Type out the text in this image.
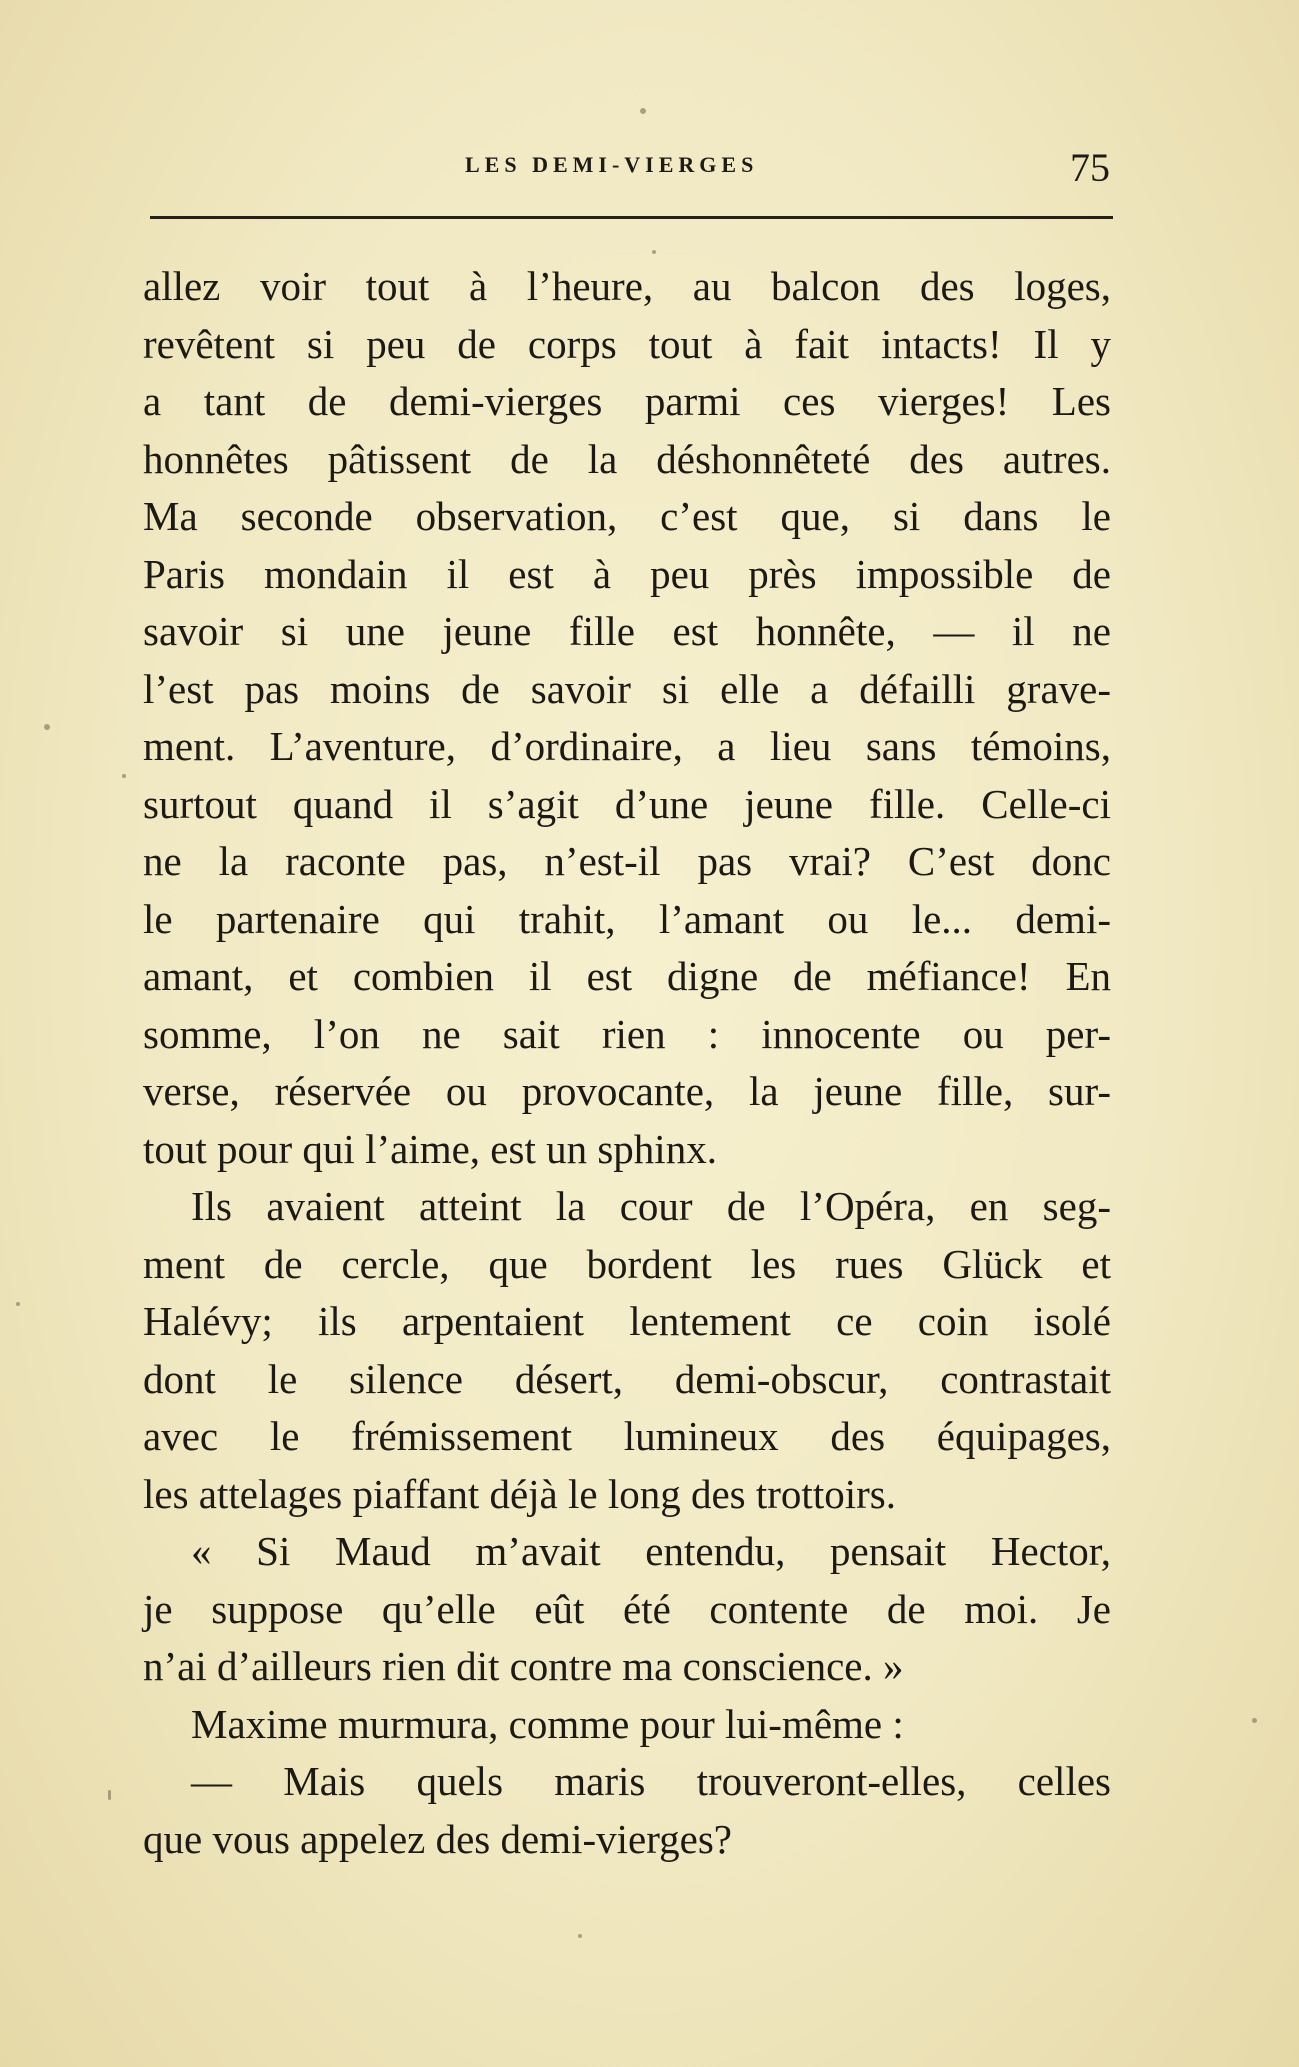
LES DEMI-VIERGES	75
allez voir tout à l’heure, au balcon des loges,
revêtent si peu de corps tout à fait intacts! Il y
a tant de demi-vierges parmi ces vierges! Les
honnêtes pâtissent de la déshonnêteté des autres.
Ma seconde observation, c’est que, si dans le
Paris mondain il est à peu près impossible de
savoir si une jeune fille est honnête, — il ne
l’est pas moins de savoir si elle a défailli grave-
ment. L’aventure, d’ordinaire, a lieu sans témoins,
surtout quand il s’agit d’une jeune fille. Celle-ci
ne la raconte pas, n’est-il pas vrai? C’est donc
le partenaire qui trahit, l’amant ou le... demi-
amant, et combien il est digne de méfiance! En
somme, l’on ne sait rien : innocente ou per-
verse, réservée ou provocante, la jeune fille, sur-
tout pour qui l’aime, est un sphinx.
Ils avaient atteint la cour de l’Opéra, en seg-
ment de cercle, que bordent les rues Glück et
Halévy; ils arpentaient lentement ce coin isolé
dont le silence désert, demi-obscur, contrastait
avec le frémissement lumineux des équipages,
les attelages piaffant déjà le long des trottoirs.
« Si Maud m’avait entendu, pensait Hector,
je suppose qu’elle eût été contente de moi. Je
n’ai d’ailleurs rien dit contre ma conscience. »
Maxime murmura, comme pour lui-même :
— Mais quels maris trouveront-elles, celles
que vous appelez des demi-vierges?
